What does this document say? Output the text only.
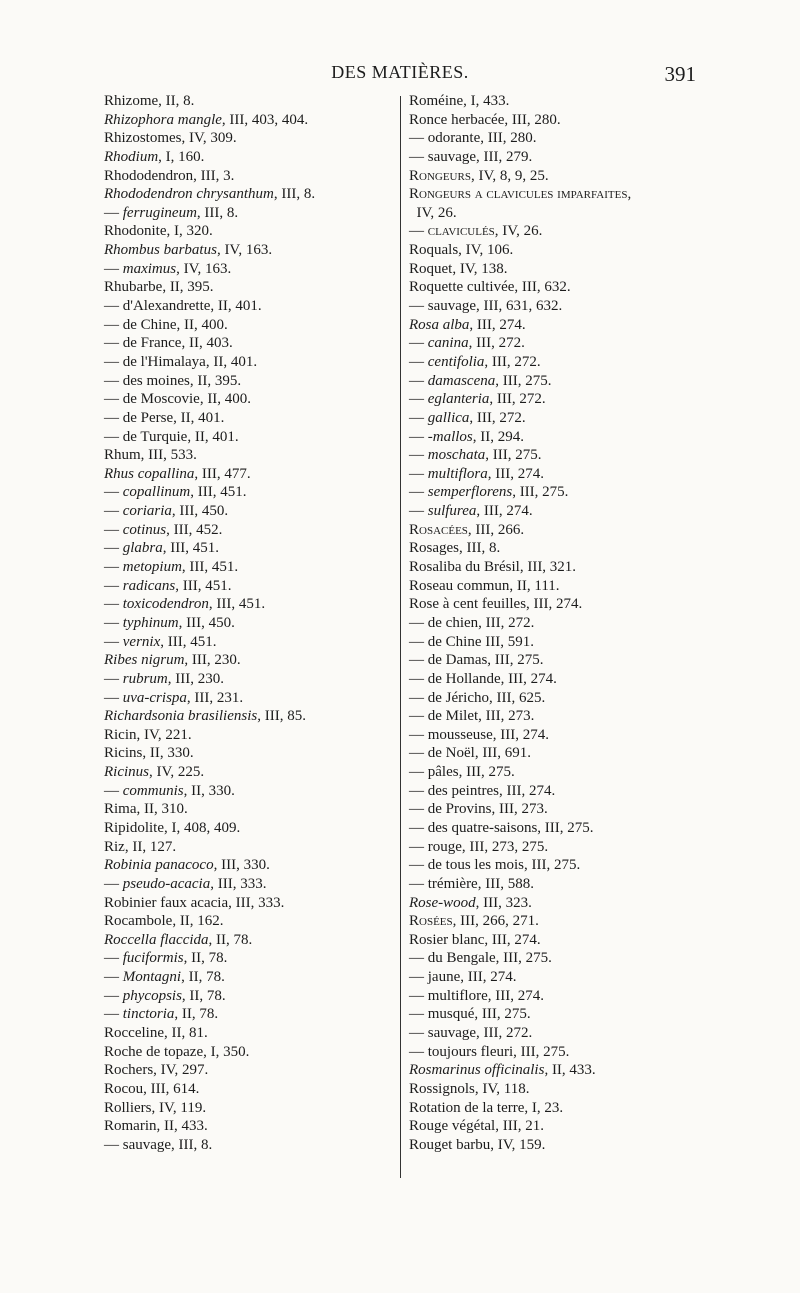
DES MATIÈRES.	391
Rhizome, II, 8.
Rhizophora mangle, III, 403, 404.
Rhizostomes, IV, 309.
Rhodium, I, 160.
Rhododendron, III, 3.
Rhododendron chrysanthum, III, 8.
— ferrugineum, III, 8.
Rhodonite, I, 320.
Rhombus barbatus, IV, 163.
— maximus, IV, 163.
Rhubarbe, II, 395.
— d'Alexandrette, II, 401.
— de Chine, II, 400.
— de France, II, 403.
— de l'Himalaya, II, 401.
— des moines, II, 395.
— de Moscovie, II, 400.
— de Perse, II, 401.
— de Turquie, II, 401.
Rhum, III, 533.
Rhus copallina, III, 477.
— copallinum, III, 451.
— coriaria, III, 450.
— cotinus, III, 452.
— glabra, III, 451.
— metopium, III, 451.
— radicans, III, 451.
— toxicodendron, III, 451.
— typhinum, III, 450.
— vernix, III, 451.
Ribes nigrum, III, 230.
— rubrum, III, 230.
— uva-crispa, III, 231.
Richardsonia brasiliensis, III, 85.
Ricin, IV, 221.
Ricins, II, 330.
Ricinus, IV, 225.
— communis, II, 330.
Rima, II, 310.
Ripidolite, I, 408, 409.
Riz, II, 127.
Robinia panacoco, III, 330.
— pseudo-acacia, III, 333.
Robinier faux acacia, III, 333.
Rocambole, II, 162.
Roccella flaccida, II, 78.
— fuciformis, II, 78.
— Montagni, II, 78.
— phycopsis, II, 78.
— tinctoria, II, 78.
Rocceline, II, 81.
Roche de topaze, I, 350.
Rochers, IV, 297.
Rocou, III, 614.
Rolliers, IV, 119.
Romarin, II, 433.
— sauvage, III, 8.
Roméine, I, 433.
Ronce herbacée, III, 280.
— odorante, III, 280.
— sauvage, III, 279.
Rongeurs, IV, 8, 9, 25.
Rongeurs a clavicules imparfaites,
IV, 26.
— claviculés, IV, 26.
Roquals, IV, 106.
Roquet, IV, 138.
Roquette cultivée, III, 632.
— sauvage, III, 631, 632.
Rosa alba, III, 274.
— canina, III, 272.
— centifolia, III, 272.
— damascena, III, 275.
— eglanteria, III, 272.
— gallica, III, 272.
— -mallos, II, 294.
— moschata, III, 275.
— multiflora, III, 274.
— semperflorens, III, 275.
— sulfurea, III, 274.
Rosacées, III, 266.
Rosages, III, 8.
Rosaliba du Brésil, III, 321.
Roseau commun, II, 111.
Rose à cent feuilles, III, 274.
— de chien, III, 272.
— de Chine III, 591.
— de Damas, III, 275.
— de Hollande, III, 274.
— de Jéricho, III, 625.
— de Milet, III, 273.
— mousseuse, III, 274.
— de Noël, III, 691.
— pâles, III, 275.
— des peintres, III, 274.
— de Provins, III, 273.
— des quatre-saisons, III, 275.
— rouge, III, 273, 275.
— de tous les mois, III, 275.
— trémière, III, 588.
Rose-wood, III, 323.
Rosées, III, 266, 271.
Rosier blanc, III, 274.
— du Bengale, III, 275.
— jaune, III, 274.
— multiflore, III, 274.
— musqué, III, 275.
— sauvage, III, 272.
— toujours fleuri, III, 275.
Rosmarinus officinalis, II, 433.
Rossignols, IV, 118.
Rotation de la terre, I, 23.
Rouge végétal, III, 21.
Rouget barbu, IV, 159.
